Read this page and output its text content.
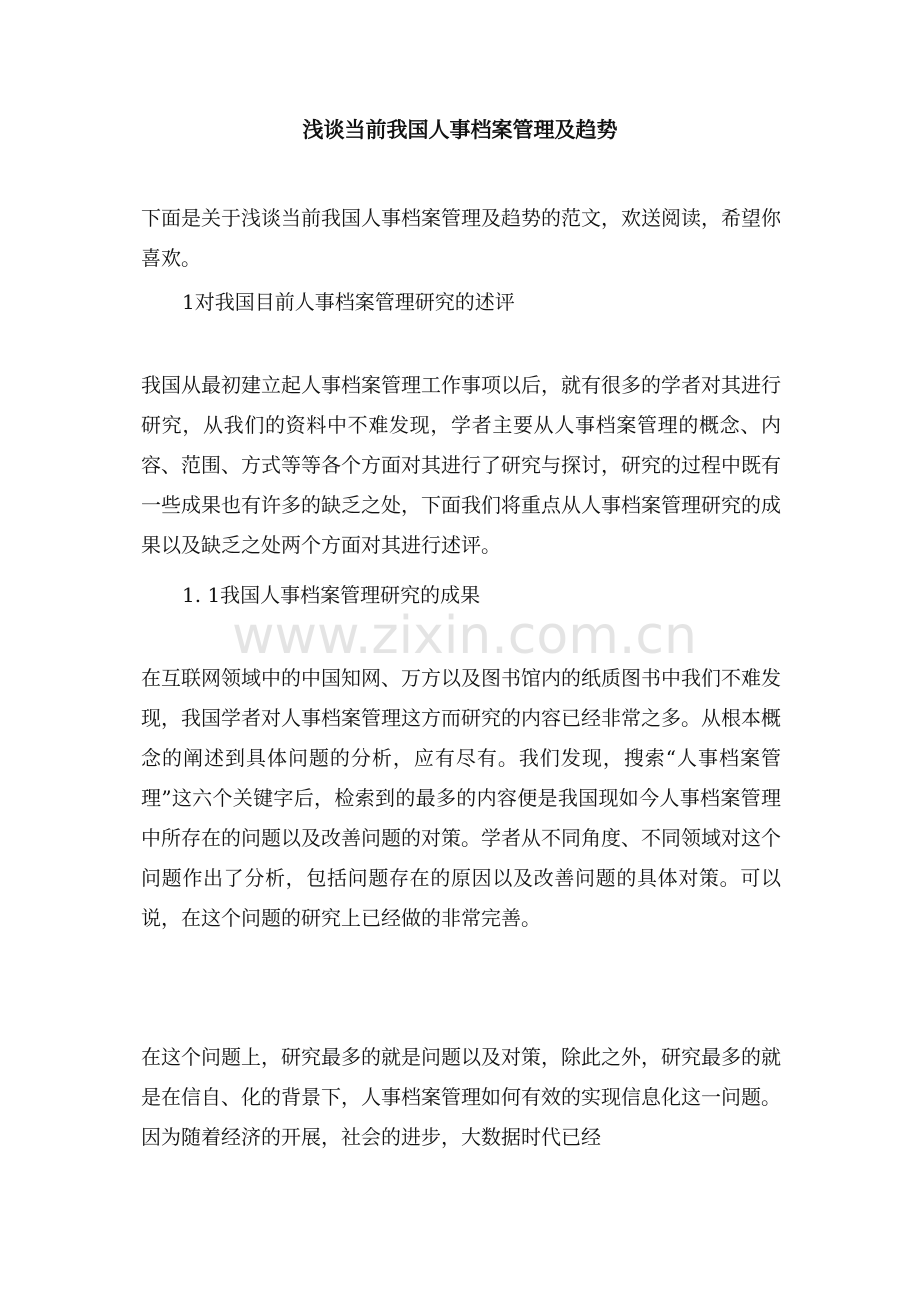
浅谈当前我国人事档案管理及趋势

下面是关于浅谈当前我国人事档案管理及趋势的范文，欢送阅读，希望你喜欢。

1对我国目前人事档案管理研究的述评

我国从最初建立起人事档案管理工作事项以后，就有很多的学者对其进行研究，从我们的资料中不难发现，学者主要从人事档案管理的概念、内容、范围、方式等等各个方面对其进行了研究与探讨，研究的过程中既有一些成果也有许多的缺乏之处，下面我们将重点从人事档案管理研究的成果以及缺乏之处两个方面对其进行述评。

1. 1我国人事档案管理研究的成果

www.zixin.com.cn

在互联网领域中的中国知网、万方以及图书馆内的纸质图书中我们不难发现，我国学者对人事档案管理这方而研究的内容已经非常之多。从根本概念的阐述到具体问题的分析，应有尽有。我们发现，搜索“人事档案管理”这六个关键字后，检索到的最多的内容便是我国现如今人事档案管理中所存在的问题以及改善问题的对策。学者从不同角度、不同领域对这个问题作出了分析，包括问题存在的原因以及改善问题的具体对策。可以说，在这个问题的研究上已经做的非常完善。

在这个问题上，研究最多的就是问题以及对策，除此之外，研究最多的就是在信自、化的背景下，人事档案管理如何有效的实现信息化这一问题。因为随着经济的开展，社会的进步，大数据时代已经
